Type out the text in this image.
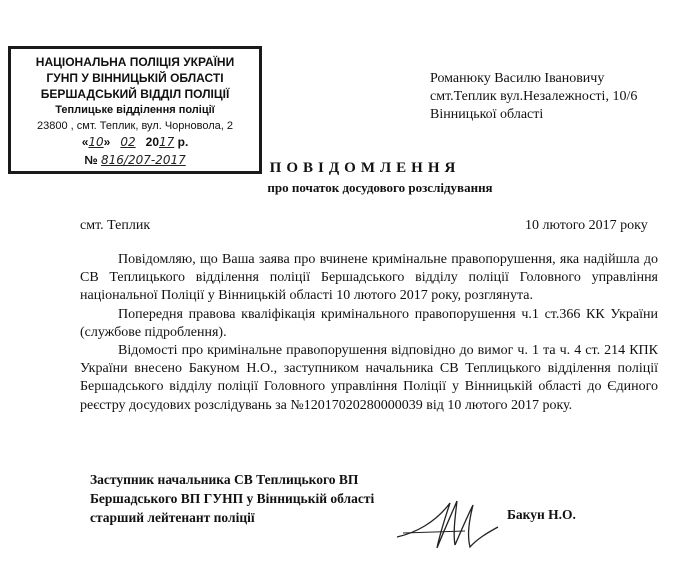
НАЦІОНАЛЬНА ПОЛІЦІЯ УКРАЇНИ
ГУНП У ВІННИЦЬКІЙ ОБЛАСТІ
БЕРШАДСЬКИЙ ВІДДІЛ ПОЛІЦІЇ
Теплицьке відділення поліції
23800 , смт. Теплик, вул. Чорновола, 2
«10» 02 2017 р.
№ 816/207-2017
Романюку Василю Івановичу
смт.Теплик вул.Незалежності, 10/6
Вінницької області
ПОВІДОМЛЕННЯ
про початок досудового розслідування
смт. Теплик	10 лютого 2017 року

Повідомляю, що Ваша заява про вчинене кримінальне правопорушення, яка надійшла до СВ Теплицького відділення поліції Бершадського відділу поліції Головного управління національної Поліції у Вінницькій області 10 лютого 2017 року, розглянута.

Попередня правова кваліфікація кримінального правопорушення ч.1 ст.366 КК України (службове підроблення).

Відомості про кримінальне правопорушення відповідно до вимог ч. 1 та ч. 4 ст. 214 КПК України внесено Бакуном Н.О., заступником начальника СВ Теплицького відділення поліції Бершадського відділу поліції Головного управління Поліції у Вінницькій області до Єдиного реєстру досудових розслідувань за №12017020280000039 від 10 лютого 2017 року.

Заступник начальника СВ Теплицького ВП
Бершадського ВП ГУНП у Вінницькій області
старший лейтенант поліції	Бакун Н.О.
